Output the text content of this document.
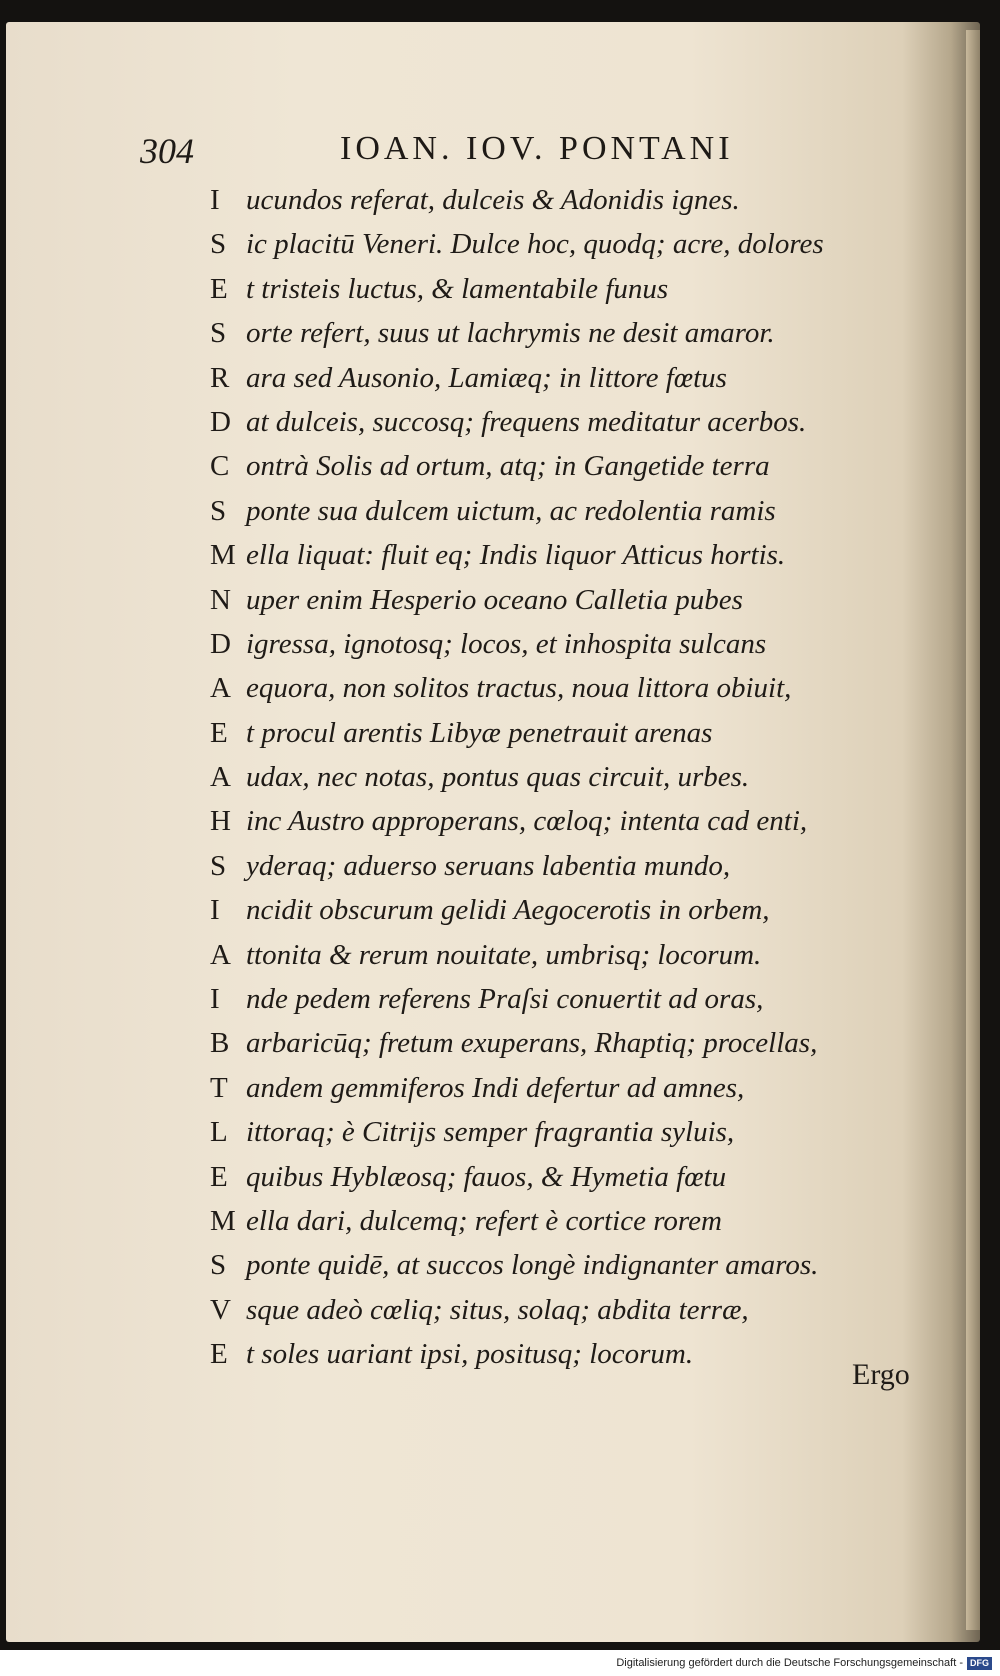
304	IOAN. IOV. PONTANI
I ucundos referat, dulceis & Adonidis ignes.
S ic placitū Veneri. Dulce hoc, quodq; acre, dolores
E t tristeis luctus, & lamentabile funus
S orte refert, suus ut lachrymis ne desit amaror.
R ara sed Ausonio, Lamiæq; in littore fœtus
D at dulceis, succosq; frequens meditatur acerbos.
C ontrà Solis ad ortum, atq; in Gangetide terra
S ponte sua dulcem uictum, ac redolentia ramis
M ella liquat: fluit eq; Indis liquor Atticus hortis.
N uper enim Hesperio oceano Calletia pubes
D igressa, ignotosq; locos, et inhospita sulcans
A equora, non solitos tractus, noua littora obiuit,
E t procul arentis Libyæ penetrauit arenas
A udax, nec notas, pontus quas circuit, urbes.
H inc Austro approperans, cœloq; intenta cad enti,
S yderaq; aduerso seruans labentia mundo,
I ncidit obscurum gelidi Aegocerotis in orbem,
A ttonita & rerum nouitate, umbrisq; locorum.
I nde pedem referens Praſsi conuertit ad oras,
B arbaricūq; fretum exuperans, Rhaptiq; procellas,
T andem gemmiferos Indi defertur ad amnes,
L ittoraq; è Citrijs semper fragrantia syluis,
E quibus Hyblæosq; fauos, & Hymetia fœtu
M ella dari, dulcemq; refert è cortice rorem
S ponte quidē, at succos longè indignanter amaros.
V sque adeò cœliq; situs, solaq; abdita terræ,
E t soles uariant ipsi, positusq; locorum.
Ergo
Digitalisierung gefördert durch die Deutsche Forschungsgemeinschaft - DFG
